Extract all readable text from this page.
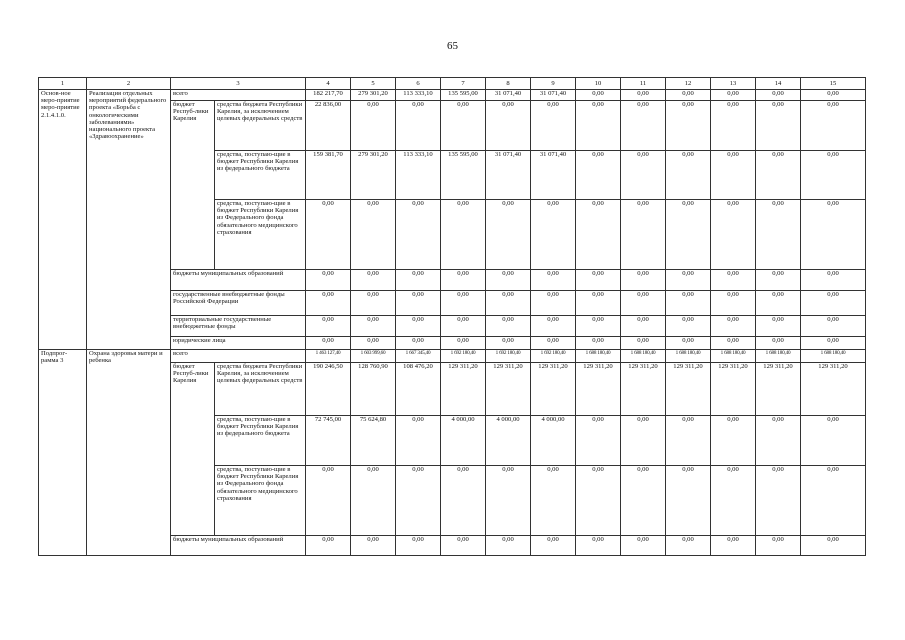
65
1	2	3		4	5	6	7	8	9	10	11	12	13	14	15
Основ-ное меро-приятие меро-приятие 2.1.4.1.0.	Реализация отдельных мероприятий федерального проекта «Борьба с онкологическими заболеваниями» национального проекта «Здравоохранение»	всего		182 217,70	279 301,20	113 333,10	135 595,00	31 071,40	31 071,40	0,00	0,00	0,00	0,00	0,00	0,00
		бюджет Респуб-лики Карелия	средства бюджета Республики Карелия, за исключением целевых федеральных средств	22 836,00	0,00	0,00	0,00	0,00	0,00	0,00	0,00	0,00	0,00	0,00	0,00
			средства, поступаю-щие в бюджет Республики Карелия из федерального бюджета	159 381,70	279 301,20	113 333,10	135 595,00	31 071,40	31 071,40	0,00	0,00	0,00	0,00	0,00	0,00
			средства, поступаю-щие в бюджет Республики Карелия из Федерального фонда обязательного медицинского страхования	0,00	0,00	0,00	0,00	0,00	0,00	0,00	0,00	0,00	0,00	0,00	0,00
		бюджеты муниципальных образований		0,00	0,00	0,00	0,00	0,00	0,00	0,00	0,00	0,00	0,00	0,00	0,00
		государственные внебюджетные фонды Российской Федерации		0,00	0,00	0,00	0,00	0,00	0,00	0,00	0,00	0,00	0,00	0,00	0,00
		территориальные государственные внебюджетные фонды		0,00	0,00	0,00	0,00	0,00	0,00	0,00	0,00	0,00	0,00	0,00	0,00
		юридические лица		0,00	0,00	0,00	0,00	0,00	0,00	0,00	0,00	0,00	0,00	0,00	0,00
Подпрог-рамма 3	Охрана здоровья матери и ребенка	всего		1 463 127,40	1 603 999,60	1 667 345,40	1 692 180,40	1 692 180,40	1 692 180,40	1 688 180,40	1 688 180,40	1 688 180,40	1 688 180,40	1 688 180,40	1 688 180,40
		бюджет Респуб-лики Карелия	средства бюджета Республики Карелия, за исключением целевых федеральных средств	190 246,50	128 760,90	108 476,20	129 311,20	129 311,20	129 311,20	129 311,20	129 311,20	129 311,20	129 311,20	129 311,20	129 311,20
			средства, поступаю-щие в бюджет Республики Карелия из федерального бюджета	72 745,00	75 624,80	0,00	4 000,00	4 000,00	4 000,00	0,00	0,00	0,00	0,00	0,00	0,00
			средства, поступаю-щие в бюджет Республики Карелия из Федерального фонда обязательного медицинского страхования	0,00	0,00	0,00	0,00	0,00	0,00	0,00	0,00	0,00	0,00	0,00	0,00
		бюджеты муниципальных образований		0,00	0,00	0,00	0,00	0,00	0,00	0,00	0,00	0,00	0,00	0,00	0,00
